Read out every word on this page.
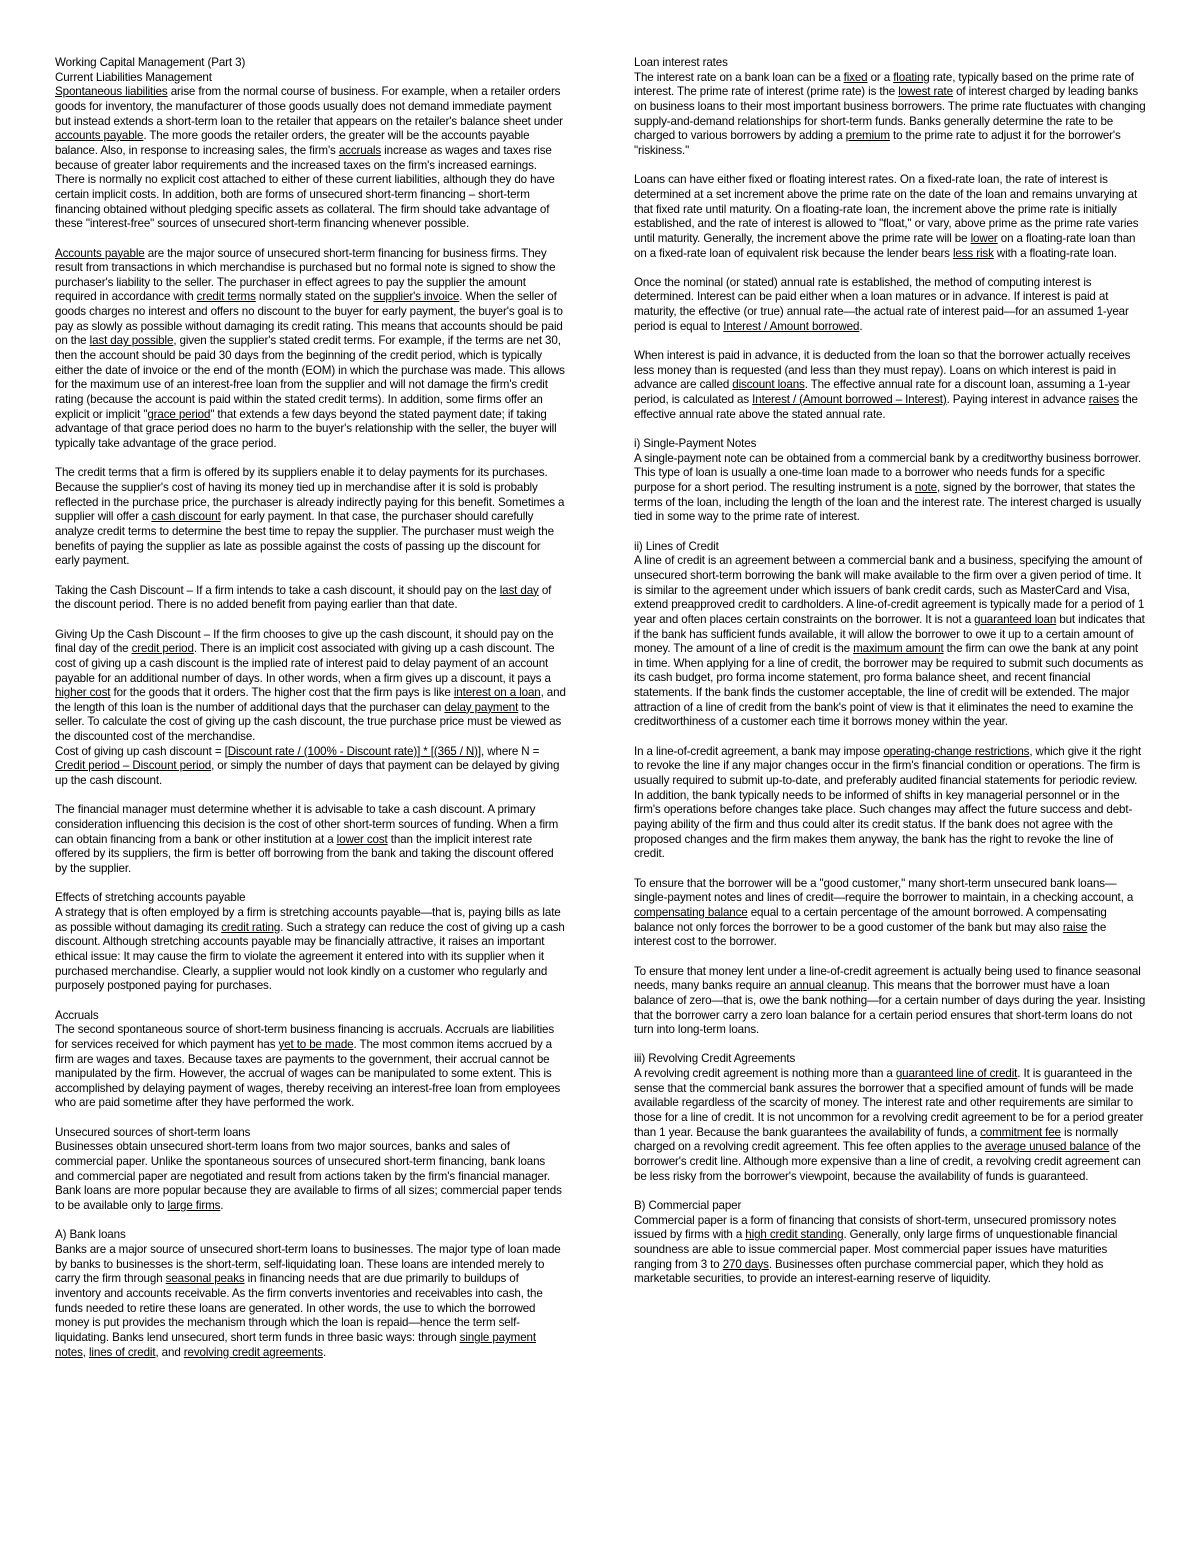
Working Capital Management (Part 3)
Current Liabilities Management
Spontaneous liabilities arise from the normal course of business. For example, when a retailer orders goods for inventory, the manufacturer of those goods usually does not demand immediate payment but instead extends a short-term loan to the retailer that appears on the retailer's balance sheet under accounts payable. The more goods the retailer orders, the greater will be the accounts payable balance. Also, in response to increasing sales, the firm's accruals increase as wages and taxes rise because of greater labor requirements and the increased taxes on the firm's increased earnings. There is normally no explicit cost attached to either of these current liabilities, although they do have certain implicit costs. In addition, both are forms of unsecured short-term financing – short-term financing obtained without pledging specific assets as collateral. The firm should take advantage of these "interest-free" sources of unsecured short-term financing whenever possible.
Accounts payable are the major source of unsecured short-term financing for business firms. They result from transactions in which merchandise is purchased but no formal note is signed to show the purchaser's liability to the seller. The purchaser in effect agrees to pay the supplier the amount required in accordance with credit terms normally stated on the supplier's invoice. When the seller of goods charges no interest and offers no discount to the buyer for early payment, the buyer's goal is to pay as slowly as possible without damaging its credit rating. This means that accounts should be paid on the last day possible, given the supplier's stated credit terms. For example, if the terms are net 30, then the account should be paid 30 days from the beginning of the credit period, which is typically either the date of invoice or the end of the month (EOM) in which the purchase was made. This allows for the maximum use of an interest-free loan from the supplier and will not damage the firm's credit rating (because the account is paid within the stated credit terms). In addition, some firms offer an explicit or implicit "grace period" that extends a few days beyond the stated payment date; if taking advantage of that grace period does no harm to the buyer's relationship with the seller, the buyer will typically take advantage of the grace period.
The credit terms that a firm is offered by its suppliers enable it to delay payments for its purchases. Because the supplier's cost of having its money tied up in merchandise after it is sold is probably reflected in the purchase price, the purchaser is already indirectly paying for this benefit. Sometimes a supplier will offer a cash discount for early payment. In that case, the purchaser should carefully analyze credit terms to determine the best time to repay the supplier. The purchaser must weigh the benefits of paying the supplier as late as possible against the costs of passing up the discount for early payment.
Taking the Cash Discount – If a firm intends to take a cash discount, it should pay on the last day of the discount period. There is no added benefit from paying earlier than that date.
Giving Up the Cash Discount – If the firm chooses to give up the cash discount, it should pay on the final day of the credit period. There is an implicit cost associated with giving up a cash discount. The cost of giving up a cash discount is the implied rate of interest paid to delay payment of an account payable for an additional number of days. In other words, when a firm gives up a discount, it pays a higher cost for the goods that it orders. The higher cost that the firm pays is like interest on a loan, and the length of this loan is the number of additional days that the purchaser can delay payment to the seller. To calculate the cost of giving up the cash discount, the true purchase price must be viewed as the discounted cost of the merchandise.
Cost of giving up cash discount = [Discount rate / (100% - Discount rate)] * [(365 / N)], where N = Credit period – Discount period, or simply the number of days that payment can be delayed by giving up the cash discount.
The financial manager must determine whether it is advisable to take a cash discount. A primary consideration influencing this decision is the cost of other short-term sources of funding. When a firm can obtain financing from a bank or other institution at a lower cost than the implicit interest rate offered by its suppliers, the firm is better off borrowing from the bank and taking the discount offered by the supplier.
Effects of stretching accounts payable
A strategy that is often employed by a firm is stretching accounts payable—that is, paying bills as late as possible without damaging its credit rating. Such a strategy can reduce the cost of giving up a cash discount. Although stretching accounts payable may be financially attractive, it raises an important ethical issue: It may cause the firm to violate the agreement it entered into with its supplier when it purchased merchandise. Clearly, a supplier would not look kindly on a customer who regularly and purposely postponed paying for purchases.
Accruals
The second spontaneous source of short-term business financing is accruals. Accruals are liabilities for services received for which payment has yet to be made. The most common items accrued by a firm are wages and taxes. Because taxes are payments to the government, their accrual cannot be manipulated by the firm. However, the accrual of wages can be manipulated to some extent. This is accomplished by delaying payment of wages, thereby receiving an interest-free loan from employees who are paid sometime after they have performed the work.
Unsecured sources of short-term loans
Businesses obtain unsecured short-term loans from two major sources, banks and sales of commercial paper. Unlike the spontaneous sources of unsecured short-term financing, bank loans and commercial paper are negotiated and result from actions taken by the firm's financial manager. Bank loans are more popular because they are available to firms of all sizes; commercial paper tends to be available only to large firms.
A) Bank loans
Banks are a major source of unsecured short-term loans to businesses. The major type of loan made by banks to businesses is the short-term, self-liquidating loan. These loans are intended merely to carry the firm through seasonal peaks in financing needs that are due primarily to buildups of inventory and accounts receivable. As the firm converts inventories and receivables into cash, the funds needed to retire these loans are generated. In other words, the use to which the borrowed money is put provides the mechanism through which the loan is repaid—hence the term self-liquidating. Banks lend unsecured, short term funds in three basic ways: through single payment notes, lines of credit, and revolving credit agreements.
Loan interest rates
The interest rate on a bank loan can be a fixed or a floating rate, typically based on the prime rate of interest. The prime rate of interest (prime rate) is the lowest rate of interest charged by leading banks on business loans to their most important business borrowers. The prime rate fluctuates with changing supply-and-demand relationships for short-term funds. Banks generally determine the rate to be charged to various borrowers by adding a premium to the prime rate to adjust it for the borrower's "riskiness."
Loans can have either fixed or floating interest rates. On a fixed-rate loan, the rate of interest is determined at a set increment above the prime rate on the date of the loan and remains unvarying at that fixed rate until maturity. On a floating-rate loan, the increment above the prime rate is initially established, and the rate of interest is allowed to "float," or vary, above prime as the prime rate varies until maturity. Generally, the increment above the prime rate will be lower on a floating-rate loan than on a fixed-rate loan of equivalent risk because the lender bears less risk with a floating-rate loan.
Once the nominal (or stated) annual rate is established, the method of computing interest is determined. Interest can be paid either when a loan matures or in advance. If interest is paid at maturity, the effective (or true) annual rate—the actual rate of interest paid—for an assumed 1-year period is equal to Interest / Amount borrowed.
When interest is paid in advance, it is deducted from the loan so that the borrower actually receives less money than is requested (and less than they must repay). Loans on which interest is paid in advance are called discount loans. The effective annual rate for a discount loan, assuming a 1-year period, is calculated as Interest / (Amount borrowed – Interest). Paying interest in advance raises the effective annual rate above the stated annual rate.
i) Single-Payment Notes
A single-payment note can be obtained from a commercial bank by a creditworthy business borrower. This type of loan is usually a one-time loan made to a borrower who needs funds for a specific purpose for a short period. The resulting instrument is a note, signed by the borrower, that states the terms of the loan, including the length of the loan and the interest rate. The interest charged is usually tied in some way to the prime rate of interest.
ii) Lines of Credit
A line of credit is an agreement between a commercial bank and a business, specifying the amount of unsecured short-term borrowing the bank will make available to the firm over a given period of time. It is similar to the agreement under which issuers of bank credit cards, such as MasterCard and Visa, extend preapproved credit to cardholders. A line-of-credit agreement is typically made for a period of 1 year and often places certain constraints on the borrower. It is not a guaranteed loan but indicates that if the bank has sufficient funds available, it will allow the borrower to owe it up to a certain amount of money. The amount of a line of credit is the maximum amount the firm can owe the bank at any point in time. When applying for a line of credit, the borrower may be required to submit such documents as its cash budget, pro forma income statement, pro forma balance sheet, and recent financial statements. If the bank finds the customer acceptable, the line of credit will be extended. The major attraction of a line of credit from the bank's point of view is that it eliminates the need to examine the creditworthiness of a customer each time it borrows money within the year.
In a line-of-credit agreement, a bank may impose operating-change restrictions, which give it the right to revoke the line if any major changes occur in the firm's financial condition or operations. The firm is usually required to submit up-to-date, and preferably audited financial statements for periodic review. In addition, the bank typically needs to be informed of shifts in key managerial personnel or in the firm's operations before changes take place. Such changes may affect the future success and debt-paying ability of the firm and thus could alter its credit status. If the bank does not agree with the proposed changes and the firm makes them anyway, the bank has the right to revoke the line of credit.
To ensure that the borrower will be a "good customer," many short-term unsecured bank loans—single-payment notes and lines of credit—require the borrower to maintain, in a checking account, a compensating balance equal to a certain percentage of the amount borrowed. A compensating balance not only forces the borrower to be a good customer of the bank but may also raise the interest cost to the borrower.
To ensure that money lent under a line-of-credit agreement is actually being used to finance seasonal needs, many banks require an annual cleanup. This means that the borrower must have a loan balance of zero—that is, owe the bank nothing—for a certain number of days during the year. Insisting that the borrower carry a zero loan balance for a certain period ensures that short-term loans do not turn into long-term loans.
iii) Revolving Credit Agreements
A revolving credit agreement is nothing more than a guaranteed line of credit. It is guaranteed in the sense that the commercial bank assures the borrower that a specified amount of funds will be made available regardless of the scarcity of money. The interest rate and other requirements are similar to those for a line of credit. It is not uncommon for a revolving credit agreement to be for a period greater than 1 year. Because the bank guarantees the availability of funds, a commitment fee is normally charged on a revolving credit agreement. This fee often applies to the average unused balance of the borrower's credit line. Although more expensive than a line of credit, a revolving credit agreement can be less risky from the borrower's viewpoint, because the availability of funds is guaranteed.
B) Commercial paper
Commercial paper is a form of financing that consists of short-term, unsecured promissory notes issued by firms with a high credit standing. Generally, only large firms of unquestionable financial soundness are able to issue commercial paper. Most commercial paper issues have maturities ranging from 3 to 270 days. Businesses often purchase commercial paper, which they hold as marketable securities, to provide an interest-earning reserve of liquidity.
